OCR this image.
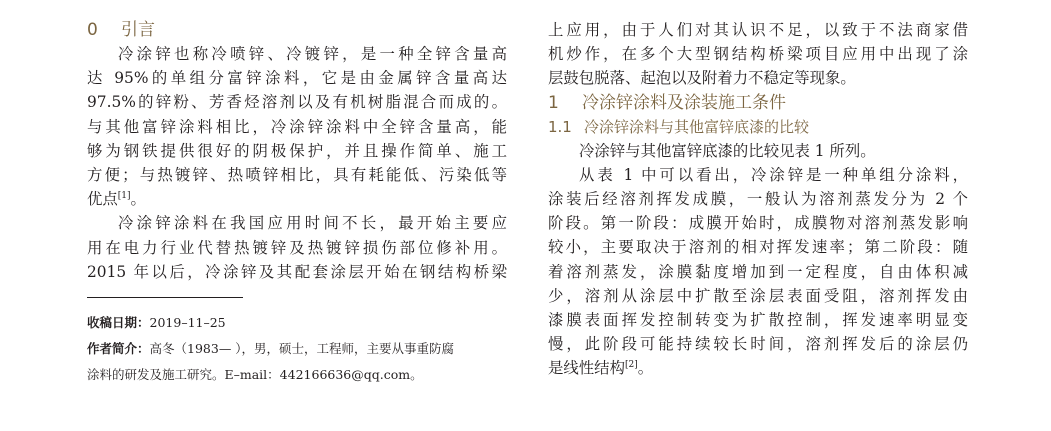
0 引言
冷涂锌也称冷喷锌、冷镀锌，是一种全锌含量高
达 95%的单组分富锌涂料，它是由金属锌含量高达
97.5%的锌粉、芳香烃溶剂以及有机树脂混合而成的。
与其他富锌涂料相比，冷涂锌涂料中全锌含量高，能
够为钢铁提供很好的阴极保护，并且操作简单、施工
方便；与热镀锌、热喷锌相比，具有耗能低、污染低等
优点[1]。
冷涂锌涂料在我国应用时间不长，最开始主要应
用在电力行业代替热镀锌及热镀锌损伤部位修补用。
2015 年以后，冷涂锌及其配套涂层开始在钢结构桥梁
收稿日期：2019–11–25
作者简介：高冬（1983— ），男，硕士，工程师，主要从事重防腐
涂料的研发及施工研究。E–mail：442166636@qq.com。
上应用，由于人们对其认识不足，以致于不法商家借
机炒作，在多个大型钢结构桥梁项目应用中出现了涂
层鼓包脱落、起泡以及附着力不稳定等现象。
1 冷涂锌涂料及涂装施工条件
1.1 冷涂锌涂料与其他富锌底漆的比较
冷涂锌与其他富锌底漆的比较见表 1 所列。
从表 1 中可以看出，冷涂锌是一种单组分涂料，
涂装后经溶剂挥发成膜，一般认为溶剂蒸发分为 2 个
阶段。第一阶段：成膜开始时，成膜物对溶剂蒸发影响
较小，主要取决于溶剂的相对挥发速率；第二阶段：随
着溶剂蒸发，涂膜黏度增加到一定程度，自由体积减
少，溶剂从涂层中扩散至涂层表面受阻，溶剂挥发由
漆膜表面挥发控制转变为扩散控制，挥发速率明显变
慢，此阶段可能持续较长时间，溶剂挥发后的涂层仍
是线性结构[2]。
